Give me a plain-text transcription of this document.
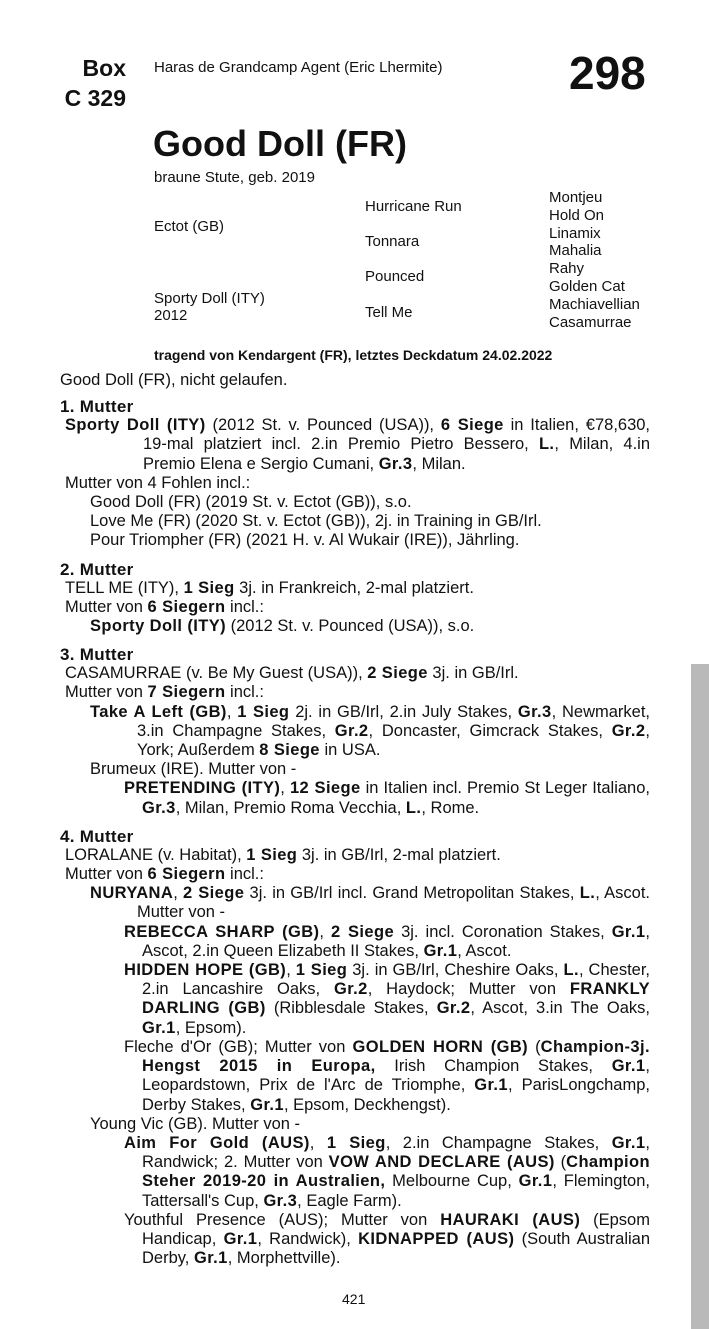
Box
C 329
Haras de Grandcamp Agent (Eric Lhermite)	298
Good Doll (FR)
braune Stute, geb. 2019
Ectot (GB)
Sporty Doll (ITY)
2012
Hurricane Run
Tonnara
Pounced
Tell Me
Montjeu
Hold On
Linamix
Mahalia
Rahy
Golden Cat
Machiavellian
Casamurrae
tragend von Kendargent (FR), letztes Deckdatum 24.02.2022
Good Doll (FR), nicht gelaufen.
1. Mutter
Sporty Doll (ITY) (2012 St. v. Pounced (USA)), 6 Siege in Italien, €78,630, 19-mal platziert incl. 2.in Premio Pietro Bessero, L., Milan, 4.in Premio Elena e Sergio Cumani, Gr.3, Milan.
Mutter von 4 Fohlen incl.:
Good Doll (FR) (2019 St. v. Ectot (GB)), s.o.
Love Me (FR) (2020 St. v. Ectot (GB)), 2j. in Training in GB/Irl.
Pour Triompher (FR) (2021 H. v. Al Wukair (IRE)), Jährling.
2. Mutter
TELL ME (ITY), 1 Sieg 3j. in Frankreich, 2-mal platziert.
Mutter von 6 Siegern incl.:
Sporty Doll (ITY) (2012 St. v. Pounced (USA)), s.o.
3. Mutter
CASAMURRAE (v. Be My Guest (USA)), 2 Siege 3j. in GB/Irl.
Mutter von 7 Siegern incl.:
Take A Left (GB), 1 Sieg 2j. in GB/Irl, 2.in July Stakes, Gr.3, Newmarket, 3.in Champagne Stakes, Gr.2, Doncaster, Gimcrack Stakes, Gr.2, York; Außerdem 8 Siege in USA.
Brumeux (IRE). Mutter von -
PRETENDING (ITY), 12 Siege in Italien incl. Premio St Leger Italiano, Gr.3, Milan, Premio Roma Vecchia, L., Rome.
4. Mutter
LORALANE (v. Habitat), 1 Sieg 3j. in GB/Irl, 2-mal platziert.
Mutter von 6 Siegern incl.:
NURYANA, 2 Siege 3j. in GB/Irl incl. Grand Metropolitan Stakes, L., Ascot. Mutter von -
REBECCA SHARP (GB), 2 Siege 3j. incl. Coronation Stakes, Gr.1, Ascot, 2.in Queen Elizabeth II Stakes, Gr.1, Ascot.
HIDDEN HOPE (GB), 1 Sieg 3j. in GB/Irl, Cheshire Oaks, L., Chester, 2.in Lancashire Oaks, Gr.2, Haydock; Mutter von FRANKLY DARLING (GB) (Ribblesdale Stakes, Gr.2, Ascot, 3.in The Oaks, Gr.1, Epsom).
Fleche d'Or (GB); Mutter von GOLDEN HORN (GB) (Champion-3j. Hengst 2015 in Europa, Irish Champion Stakes, Gr.1, Leopardstown, Prix de l'Arc de Triomphe, Gr.1, ParisLongchamp, Derby Stakes, Gr.1, Epsom, Deckhengst).
Young Vic (GB). Mutter von -
Aim For Gold (AUS), 1 Sieg, 2.in Champagne Stakes, Gr.1, Randwick; 2. Mutter von VOW AND DECLARE (AUS) (Champion Steher 2019-20 in Australien, Melbourne Cup, Gr.1, Flemington, Tattersall's Cup, Gr.3, Eagle Farm).
Youthful Presence (AUS); Mutter von HAURAKI (AUS) (Epsom Handicap, Gr.1, Randwick), KIDNAPPED (AUS) (South Australian Derby, Gr.1, Morphettville).
421
